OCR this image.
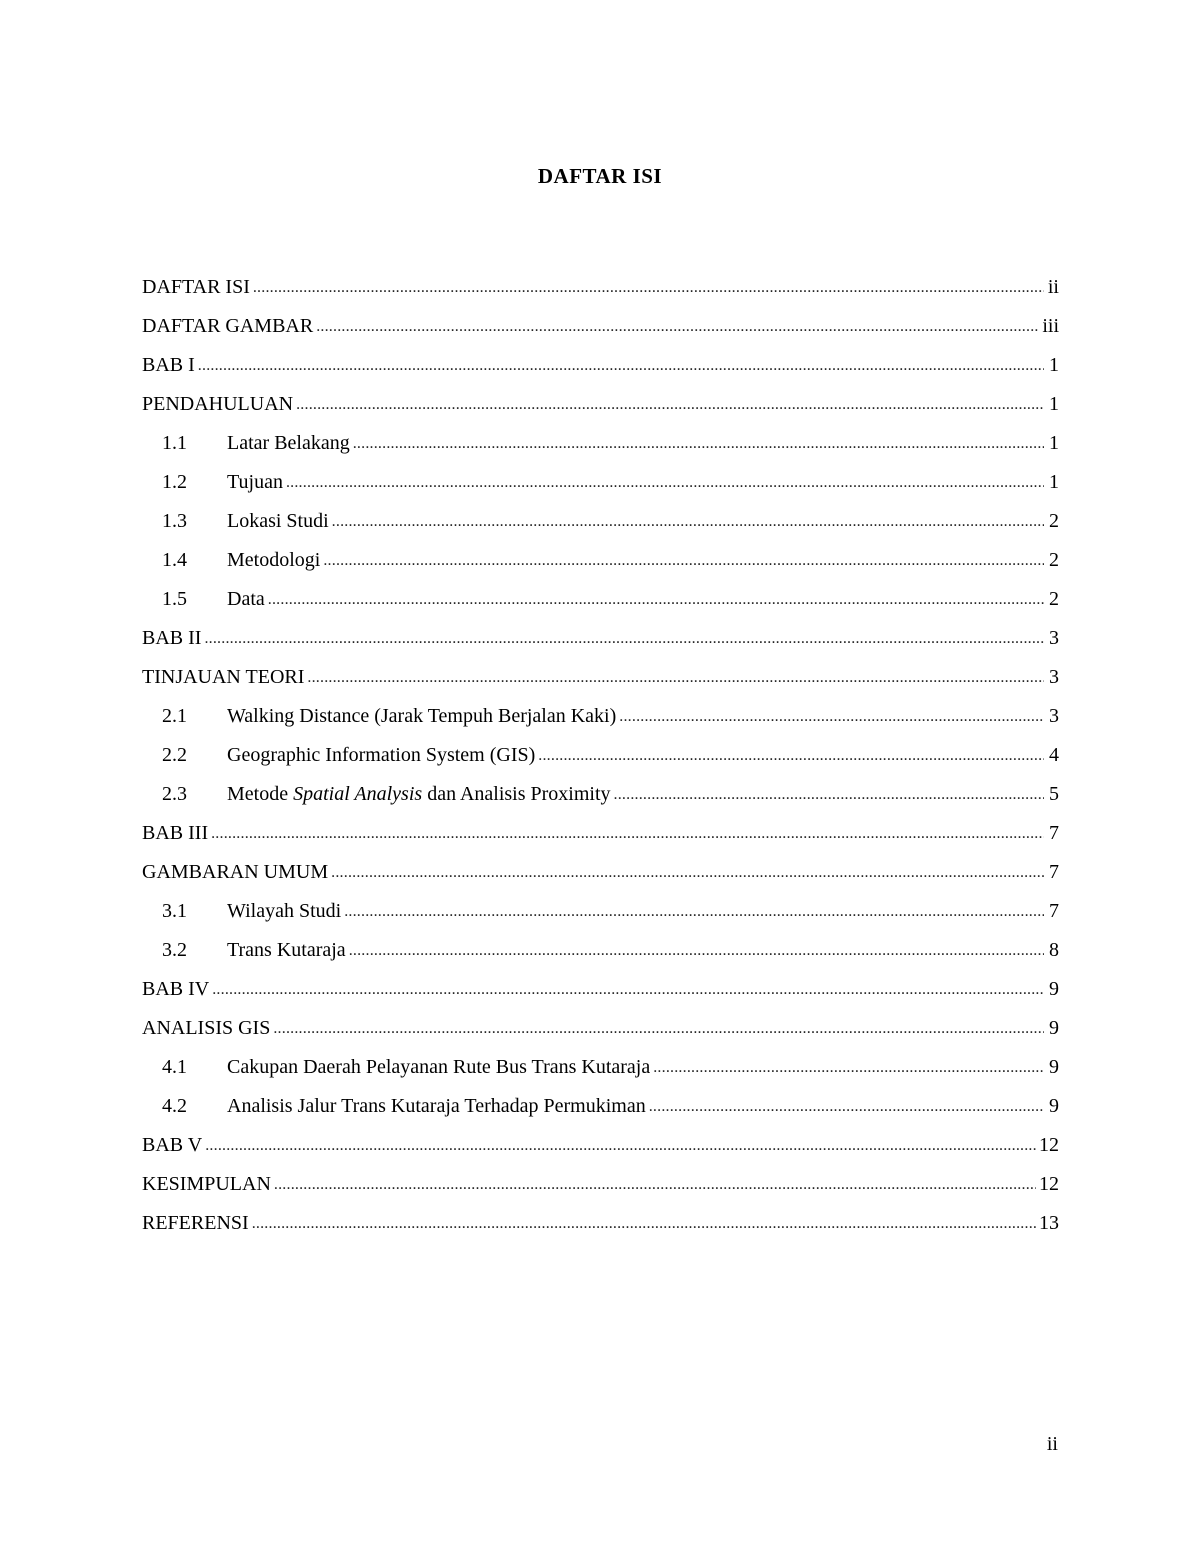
DAFTAR ISI
DAFTAR ISI . . .	ii
DAFTAR GAMBAR . . .	iii
BAB I . . .	1
PENDAHULUAN . . .	1
1.1	Latar Belakang . . .	1
1.2	Tujuan . . .	1
1.3	Lokasi Studi . . .	2
1.4	Metodologi . . .	2
1.5	Data . . .	2
BAB II . . .	3
TINJAUAN TEORI . . .	3
2.1	Walking Distance (Jarak Tempuh Berjalan Kaki) . . .	3
2.2	Geographic Information System (GIS) . . .	4
2.3	Metode Spatial Analysis dan Analisis Proximity . . .	5
BAB III . . .	7
GAMBARAN UMUM . . .	7
3.1	Wilayah Studi . . .	7
3.2	Trans Kutaraja . . .	8
BAB IV . . .	9
ANALISIS GIS . . .	9
4.1	Cakupan Daerah Pelayanan Rute Bus Trans Kutaraja . . .	9
4.2	Analisis Jalur Trans Kutaraja Terhadap Permukiman . . .	9
BAB V . . .	12
KESIMPULAN . . .	12
REFERENSI . . .	13
ii
